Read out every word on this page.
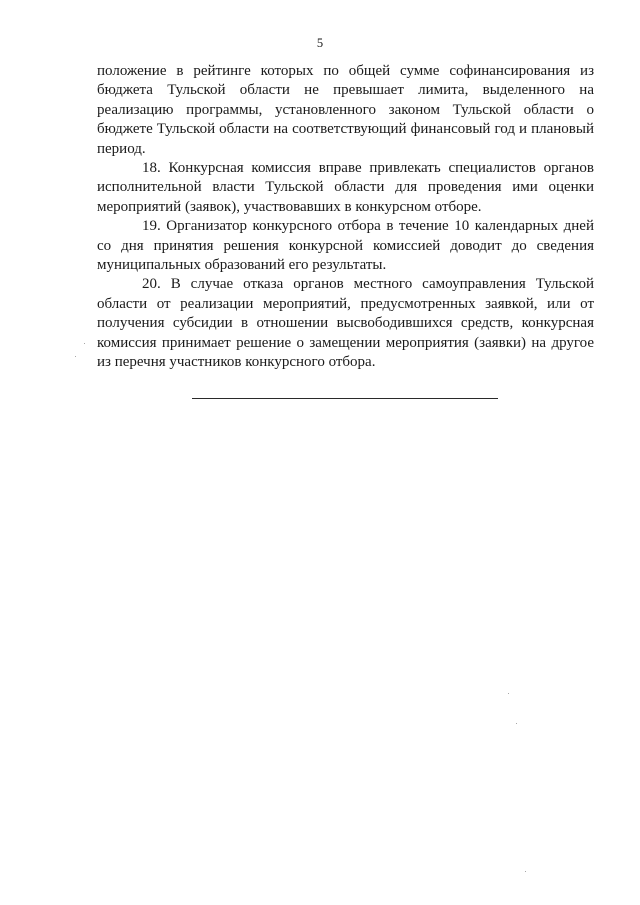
5

положение в рейтинге которых по общей сумме софинансирования из бюджета Тульской области не превышает лимита, выделенного на реализацию программы, установленного законом Тульской области о бюджете Тульской области на соответствующий финансовый год и плановый период.

18. Конкурсная комиссия вправе привлекать специалистов органов исполнительной власти Тульской области для проведения ими оценки мероприятий (заявок), участвовавших в конкурсном отборе.

19. Организатор конкурсного отбора в течение 10 календарных дней со дня принятия решения конкурсной комиссией доводит до сведения муниципальных образований его результаты.

20. В случае отказа органов местного самоуправления Тульской области от реализации мероприятий, предусмотренных заявкой, или от получения субсидии в отношении высвободившихся средств, конкурсная комиссия принимает решение о замещении мероприятия (заявки) на другое из перечня участников конкурсного отбора.
